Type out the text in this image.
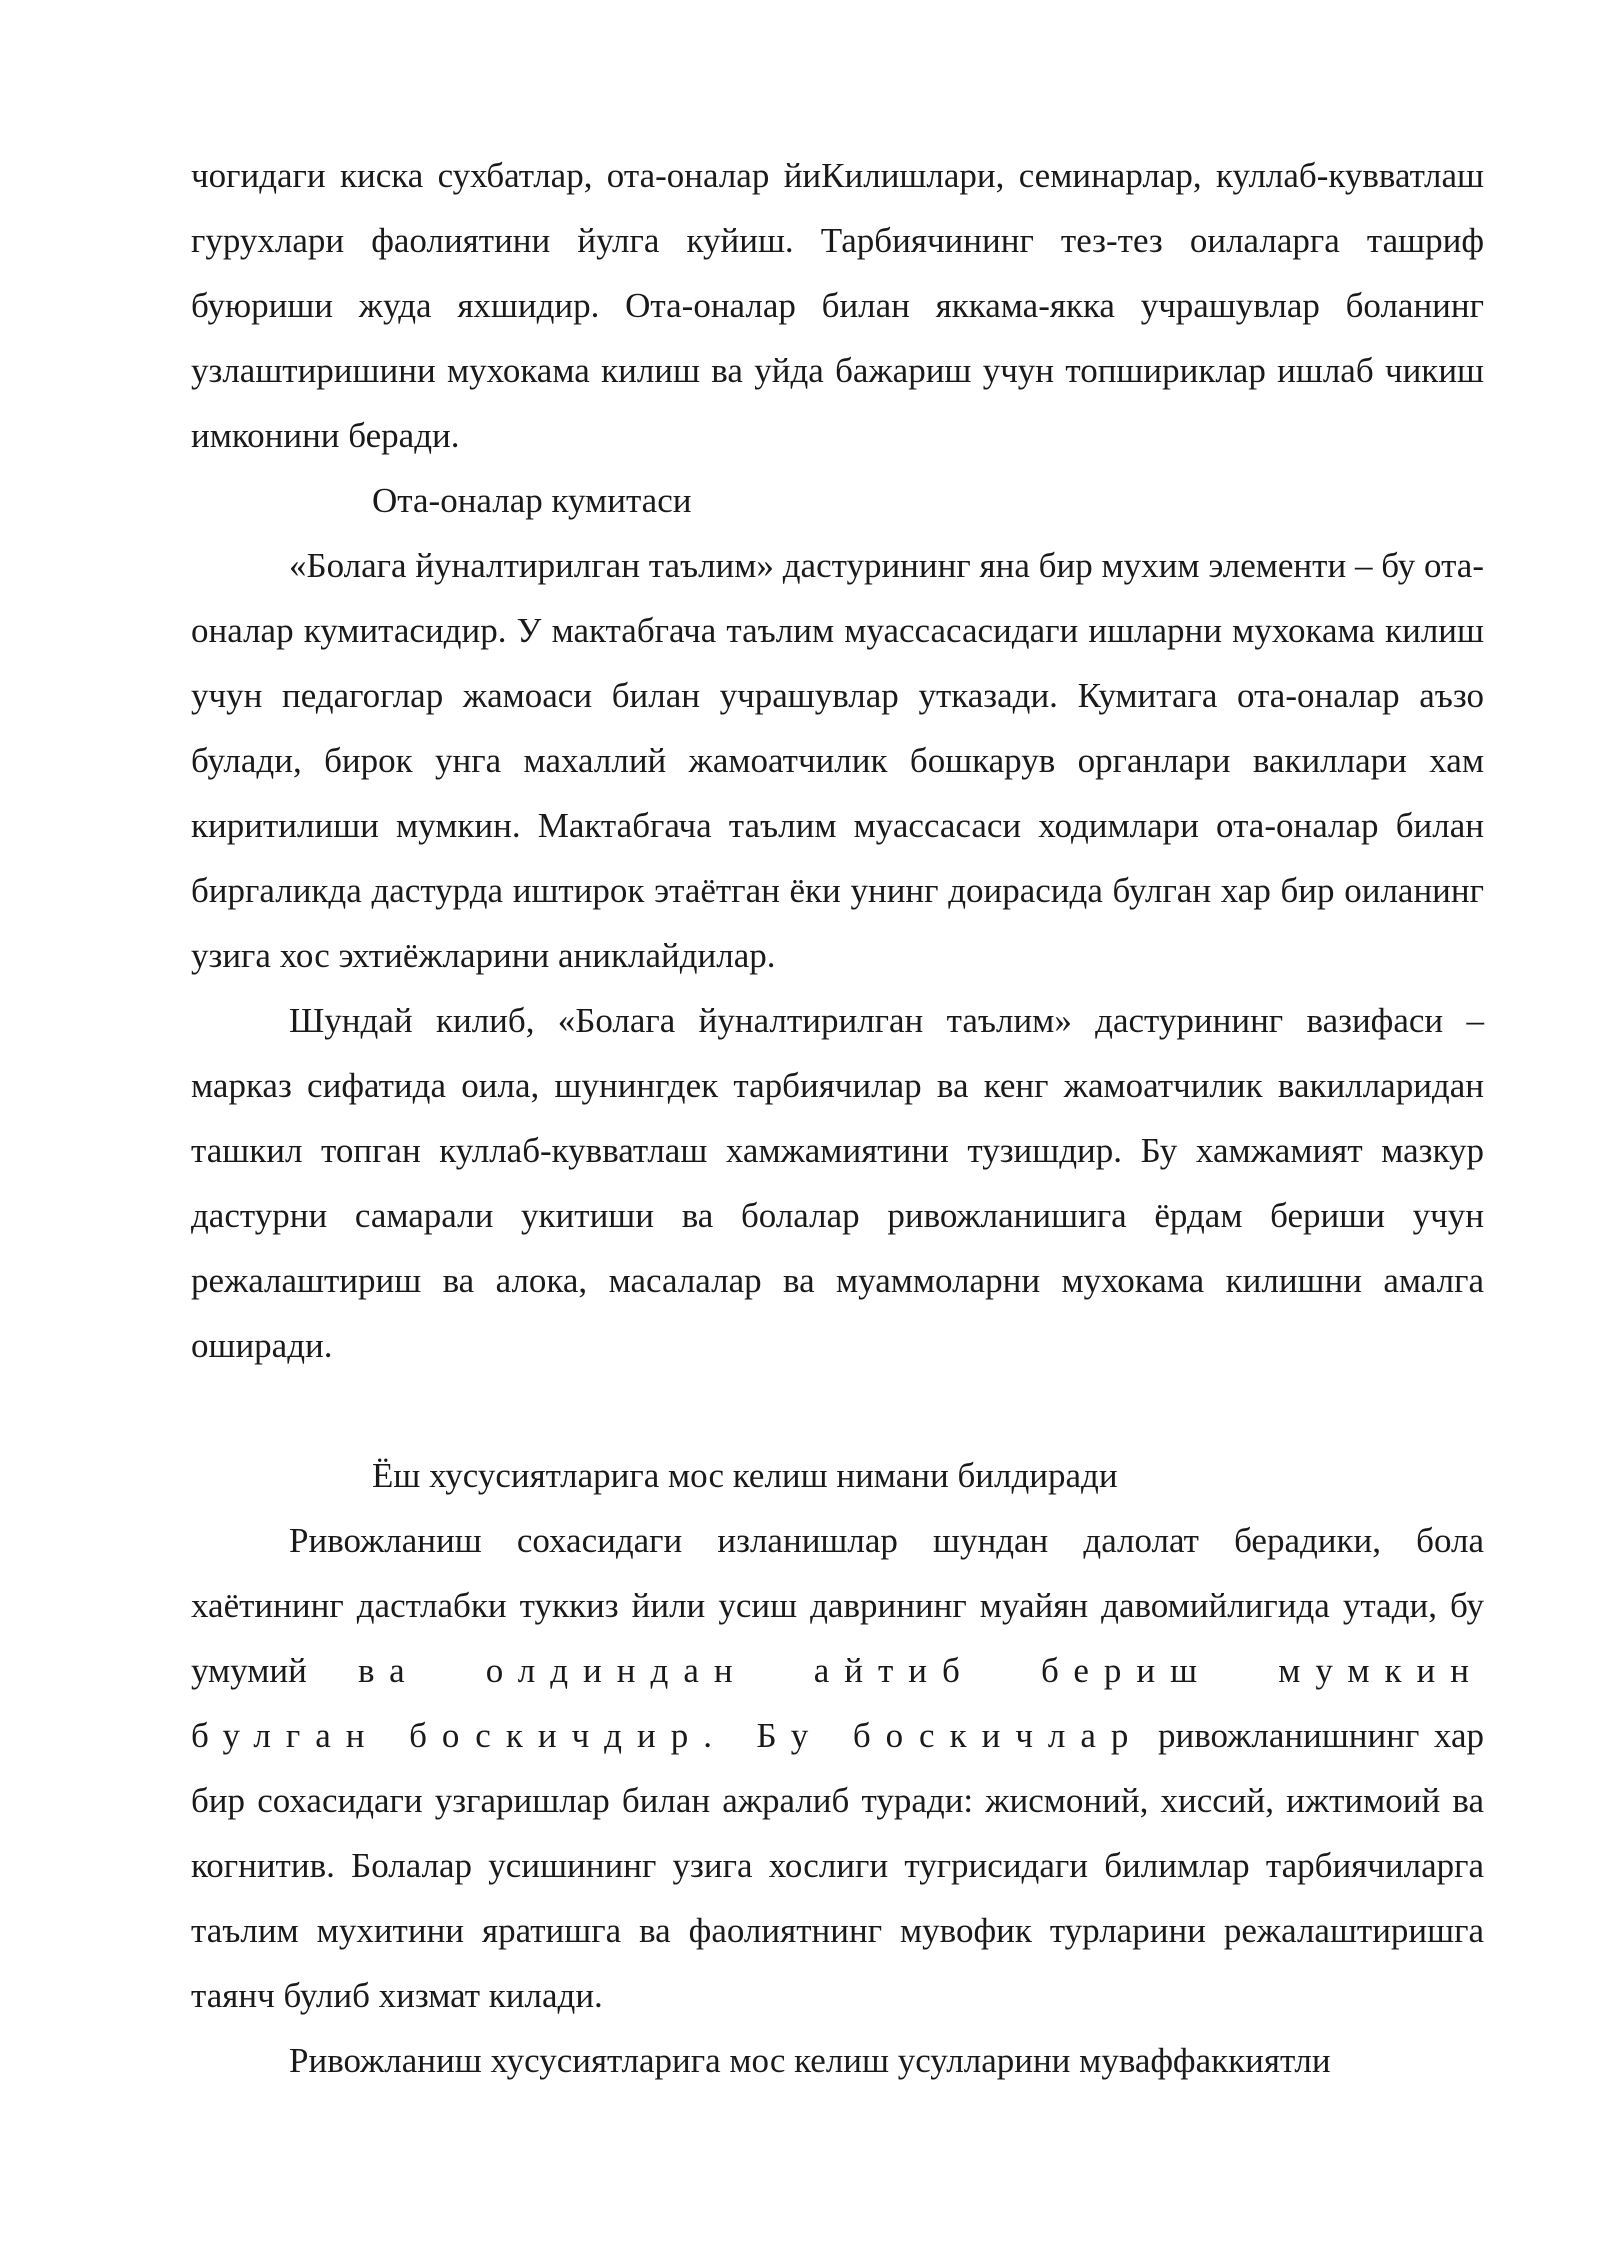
чогидаги киска сухбатлар, ота-оналар йиКилишлари, семинарлар, куллаб-кувватлаш гурухлари фаолиятини йулга куйиш. Тарбиячининг тез-тез оилаларга ташриф буюриши жуда яхшидир. Ота-оналар билан яккама-якка учрашувлар боланинг узлаштиришини мухокама килиш ва уйда бажариш учун топшириклар ишлаб чикиш имконини беради.

Ота-оналар кумитаси

«Болага йуналтирилган таълим» дастурининг яна бир мухим элементи – бу ота- оналар кумитасидир. У мактабгача таълим муассасасидаги ишларни мухокама килиш учун педагоглар жамоаси билан учрашувлар утказади. Кумитага ота-оналар аъзо булади, бирок унга махаллий жамоатчилик бошкарув органлари вакиллари хам киритилиши мумкин. Мактабгача таълим муассасаси ходимлари ота-оналар билан биргаликда дастурда иштирок этаётган ёки унинг доирасида булган хар бир оиланинг узига хос эхтиёжларини аниклайдилар.

Шундай килиб, «Болага йуналтирилган таълим» дастурининг вазифаси – марказ сифатида оила, шунингдек тарбиячилар ва кенг жамоатчилик вакилларидан ташкил топган куллаб-кувватлаш хамжамиятини тузишдир. Бу хамжамият мазкур дастурни самарали укитиши ва болалар ривожланишига ёрдам бериши учун режалаштириш ва алока, масалалар ва муаммоларни мухокама килишни амалга оширади.

Ёш хусусиятларига мос келиш нимани билдиради

Ривожланиш сохасидаги изланишлар шундан далолат берадики, бола хаётининг дастлабки туккиз йили усиш даврининг муайян давомийлигида утади, бу умумий ва олдиндан айтиб бериш мумкин булган боскичдир. Бу боскичлар ривожланишнинг хар бир сохасидаги узгаришлар билан ажралиб туради: жисмоний, хиссий, ижтимоий ва когнитив. Болалар усишининг узига хослиги тугрисидаги билимлар тарбиячиларга таълим мухитини яратишга ва фаолиятнинг мувофик турларини режалаштиришга таянч булиб хизмат килади.

Ривожланиш хусусиятларига мос келиш усулларини муваффаккиятли
